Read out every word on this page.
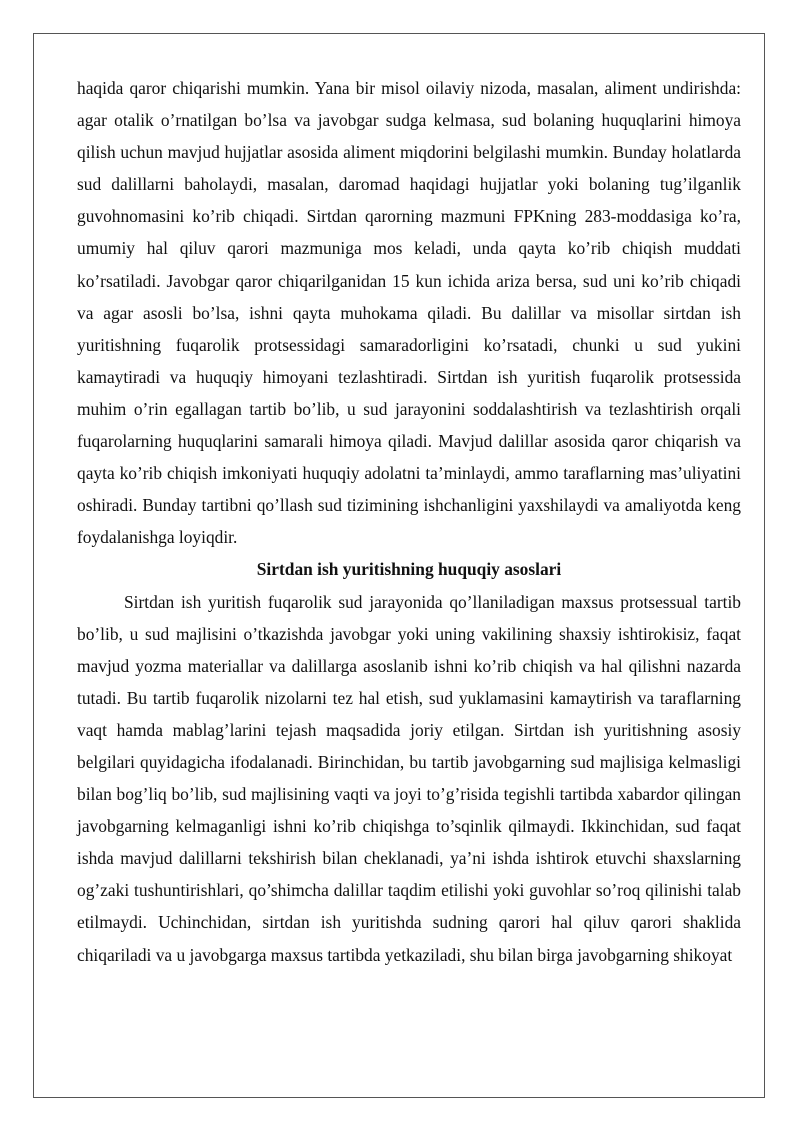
haqida qaror chiqarishi mumkin. Yana bir misol oilaviy nizoda, masalan, aliment undirishda: agar otalik o’rnatilgan bo’lsa va javobgar sudga kelmasa, sud bolaning huquqlarini himoya qilish uchun mavjud hujjatlar asosida aliment miqdorini belgilashi mumkin. Bunday holatlarda sud dalillarni baholaydi, masalan, daromad haqidagi hujjatlar yoki bolaning tug’ilganlik guvohnomasini ko’rib chiqadi. Sirtdan qarorning mazmuni FPKning 283-moddasiga ko’ra, umumiy hal qiluv qarori mazmuniga mos keladi, unda qayta ko’rib chiqish muddati ko’rsatiladi. Javobgar qaror chiqarilganidan 15 kun ichida ariza bersa, sud uni ko’rib chiqadi va agar asosli bo’lsa, ishni qayta muhokama qiladi. Bu dalillar va misollar sirtdan ish yuritishning fuqarolik protsessidagi samaradorligini ko’rsatadi, chunki u sud yukini kamaytiradi va huquqiy himoyani tezlashtiradi. Sirtdan ish yuritish fuqarolik protsessida muhim o’rin egallagan tartib bo’lib, u sud jarayonini soddalashtirish va tezlashtirish orqali fuqarolarning huquqlarini samarali himoya qiladi. Mavjud dalillar asosida qaror chiqarish va qayta ko’rib chiqish imkoniyati huquqiy adolatni ta’minlaydi, ammo taraflarning mas’uliyatini oshiradi. Bunday tartibni qo’llash sud tizimining ishchanligini yaxshilaydi va amaliyotda keng foydalanishga loyiqdir.

Sirtdan ish yuritishning huquqiy asoslari

Sirtdan ish yuritish fuqarolik sud jarayonida qo’llaniladigan maxsus protsessual tartib bo’lib, u sud majlisini o’tkazishda javobgar yoki uning vakilining shaxsiy ishtirokisiz, faqat mavjud yozma materiallar va dalillarga asoslanib ishni ko’rib chiqish va hal qilishni nazarda tutadi. Bu tartib fuqarolik nizolarni tez hal etish, sud yuklamasini kamaytirish va taraflarning vaqt hamda mablag’larini tejash maqsadida joriy etilgan. Sirtdan ish yuritishning asosiy belgilari quyidagicha ifodalanadi. Birinchidan, bu tartib javobgarning sud majlisiga kelmasligi bilan bog’liq bo’lib, sud majlisining vaqti va joyi to’g’risida tegishli tartibda xabardor qilingan javobgarning kelmaganligi ishni ko’rib chiqishga to’sqinlik qilmaydi. Ikkinchidan, sud faqat ishda mavjud dalillarni tekshirish bilan cheklanadi, ya’ni ishda ishtirok etuvchi shaxslarning og’zaki tushuntirishlari, qo’shimcha dalillar taqdim etilishi yoki guvohlar so’roq qilinishi talab etilmaydi. Uchinchidan, sirtdan ish yuritishda sudning qarori hal qiluv qarori shaklida chiqariladi va u javobgarga maxsus tartibda yetkaziladi, shu bilan birga javobgarning shikoyat
